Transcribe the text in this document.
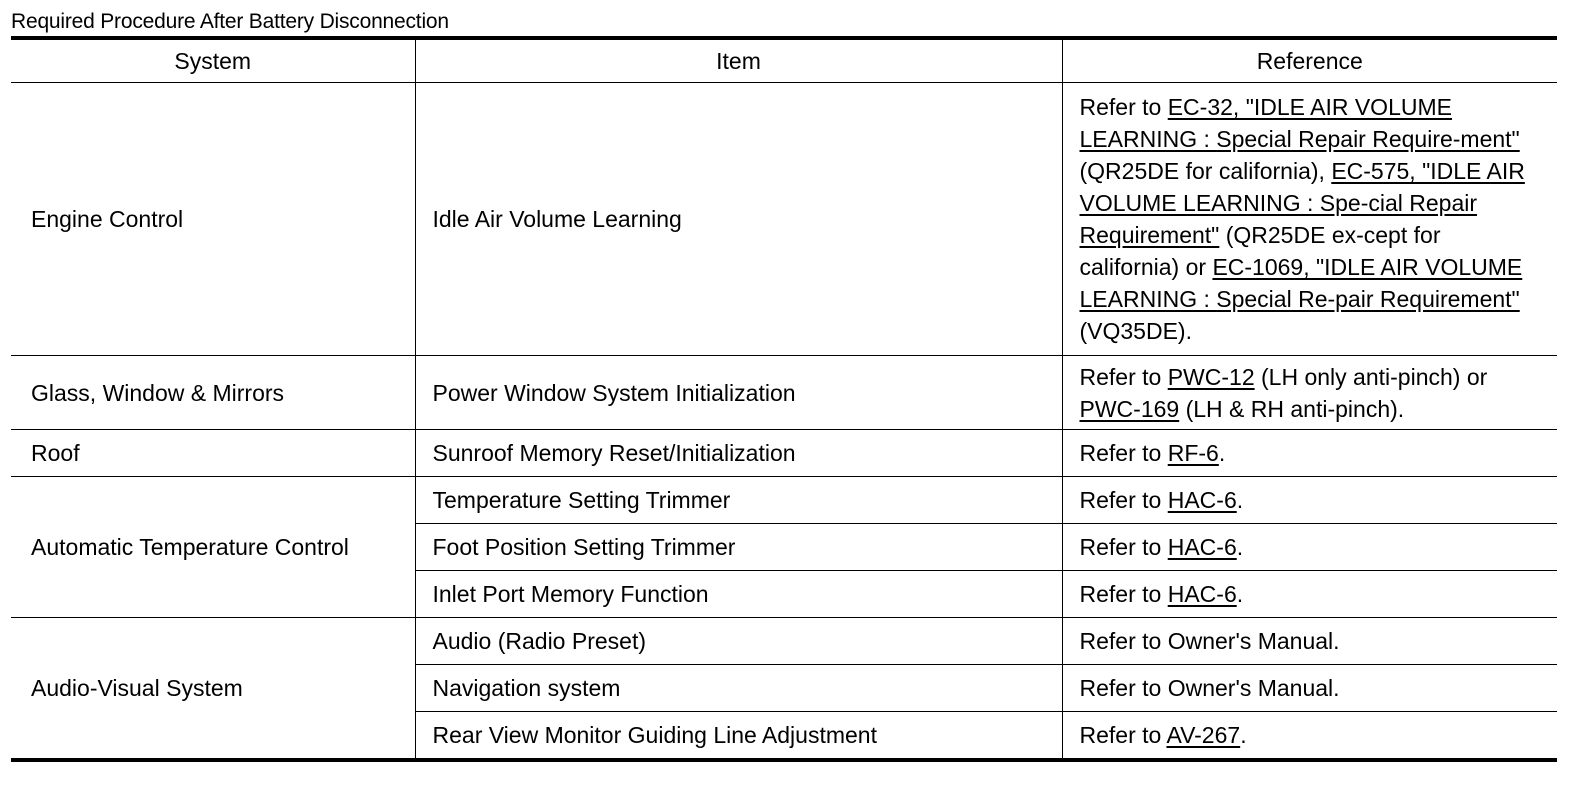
Required Procedure After Battery Disconnection
System	Item	Reference
Engine Control	Idle Air Volume Learning	Refer to EC-32, "IDLE AIR VOLUME LEARNING : Special Repair Require-ment" (QR25DE for california), EC-575, "IDLE AIR VOLUME LEARNING : Spe-cial Repair Requirement" (QR25DE ex-cept for california) or EC-1069, "IDLE AIR VOLUME LEARNING : Special Re-pair Requirement" (VQ35DE).
Glass, Window & Mirrors	Power Window System Initialization	Refer to PWC-12 (LH only anti-pinch) or PWC-169 (LH & RH anti-pinch).
Roof	Sunroof Memory Reset/Initialization	Refer to RF-6.
Automatic Temperature Control	Temperature Setting Trimmer	Refer to HAC-6.
	Foot Position Setting Trimmer	Refer to HAC-6.
	Inlet Port Memory Function	Refer to HAC-6.
Audio-Visual System	Audio (Radio Preset)	Refer to Owner's Manual.
	Navigation system	Refer to Owner's Manual.
	Rear View Monitor Guiding Line Adjustment	Refer to AV-267.
